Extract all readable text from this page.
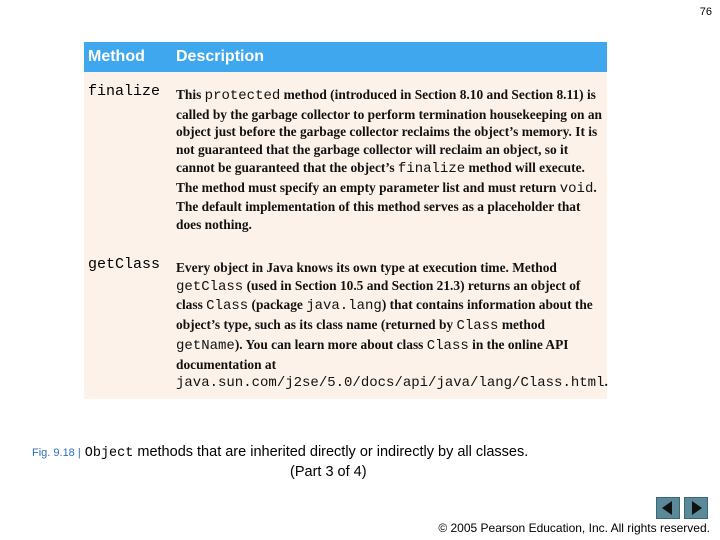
76
Method Description
finalize This protected method (introduced in Section 8.10 and Section 8.11) is called by the garbage collector to perform termination housekeeping on an object just before the garbage collector reclaims the object’s memory. It is not guaranteed that the garbage collector will reclaim an object, so it cannot be guaranteed that the object’s finalize method will execute. The method must specify an empty parameter list and must return void. The default implementation of this method serves as a placeholder that does nothing.
getClass Every object in Java knows its own type at execution time. Method getClass (used in Section 10.5 and Section 21.3) returns an object of class Class (package java.lang) that contains information about the object’s type, such as its class name (returned by Class method getName). You can learn more about class Class in the online API documentation at java.sun.com/j2se/5.0/docs/api/java/lang/Class.html.
Fig. 9.18 | Object methods that are inherited directly or indirectly by all classes.
(Part 3 of 4)
© 2005 Pearson Education, Inc. All rights reserved.
